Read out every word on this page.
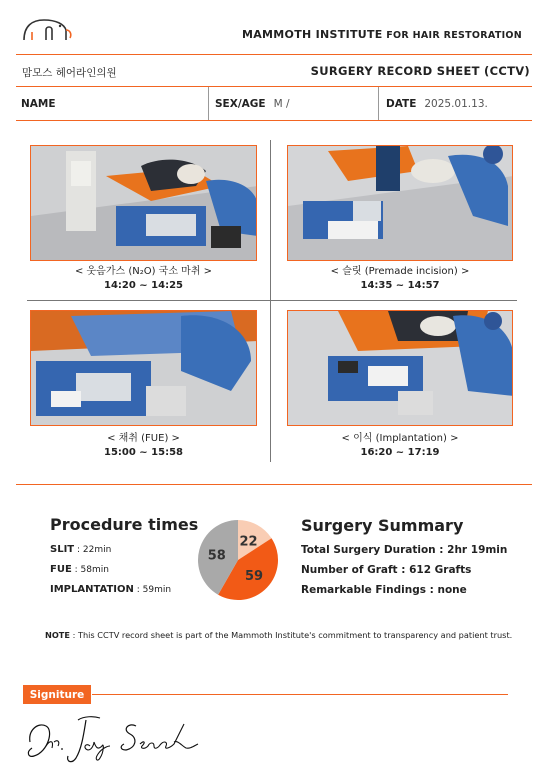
MAMMOTH INSTITUTE FOR HAIR RESTORATION
맘모스 헤어라인의원	SURGERY RECORD SHEET (CCTV)
NAME	SEX/AGE M /	DATE 2025.01.13.
< 웃음가스 (N₂O) 국소 마취 >
14:20 ~ 14:25
< 슬릿 (Premade incision) >
14:35 ~ 14:57
< 채취 (FUE) >
15:00 ~ 15:58
< 이식 (Implantation) >
16:20 ~ 17:19
Procedure times
SLIT : 22min
FUE : 58min
IMPLANTATION : 59min
22
59
58
Surgery Summary
Total Surgery Duration : 2hr 19min
Number of Graft : 612 Grafts
Remarkable Findings : none
NOTE : This CCTV record sheet is part of the Mammoth Institute's commitment to transparency and patient trust.
Signiture
